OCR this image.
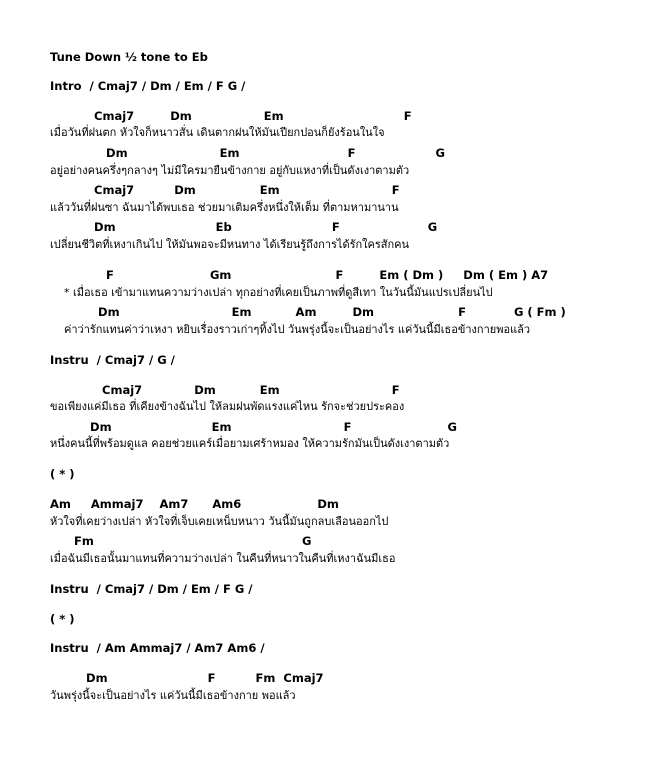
Tune Down ½ tone to Eb
Intro  / Cmaj7 / Dm / Em / F G /
Cmaj7         Dm                  Em                              F
เมื่อวันที่ฝนตก หัวใจก็หนาวสั่น เดินตากฝนให้มันเปียกปอนก็ยังร้อนในใจ
Dm                       Em                           F                    G
อยู่อย่างคนครึ่งๆกลางๆ ไม่มีใครมายืนข้างกาย อยู่กับแหงาที่เป็นดังเงาตามตัว
Cmaj7          Dm                Em                            F
แล้ววันที่ฝนซา ฉันมาได้พบเธอ ช่วยมาเติมครึ่งหนึ่งให้เต็ม ที่ตามหามานาน
Dm                         Eb                         F                      G
เปลี่ยนชีวิตที่เหงาเกินไป ให้มันพอจะมีหนทาง ได้เรียนรู้ถึงการได้รักใครสักคน
F                        Gm                          F         Em ( Dm )     Dm ( Em ) A7
* เมื่อเธอ เข้ามาแทนความว่างเปล่า ทุกอย่างที่เคยเป็นภาพที่ดูสีเทา ในวันนี้มันแปรเปลี่ยนไป
Dm                            Em           Am         Dm                     F            G ( Fm )
ค่าว่ารักแทนค่าว่าเหงา หยิบเรื่องราวเก่าๆทิ้งไป วันพรุ่งนี้จะเป็นอย่างไร แค่วันนี้มีเธอข้างกายพอแล้ว
Instru  / Cmaj7 / G /
Cmaj7             Dm           Em                            F
ขอเพียงแค่มีเธอ ที่เคียงข้างฉันไป ให้ลมฝนพัดแรงแค่ไหน รักจะช่วยประคอง
Dm                         Em                            F                        G
หนึ่งคนนี้ที่พร้อมดูแล คอยช่วยแคร์เมื่อยามเศร้าหมอง ให้ความรักมันเป็นดังเงาตามตัว
( * )
Am     Ammaj7    Am7      Am6                   Dm
หัวใจที่เคยว่างเปล่า หัวใจที่เจ็บเคยเหน็บหนาว วันนี้มันถูกลบเลือนออกไป
Fm                                                    G
เมื่อฉันมีเธอนั้นมาแทนที่ความว่างเปล่า ในคืนที่หนาวในคืนที่เหงาฉันมีเธอ
Instru  / Cmaj7 / Dm / Em / F G /
( * )
Instru  / Am Ammaj7 / Am7 Am6 /
Dm                         F          Fm  Cmaj7
วันพรุ่งนี้จะเป็นอย่างไร แค่วันนี้มีเธอข้างกาย พอแล้ว
